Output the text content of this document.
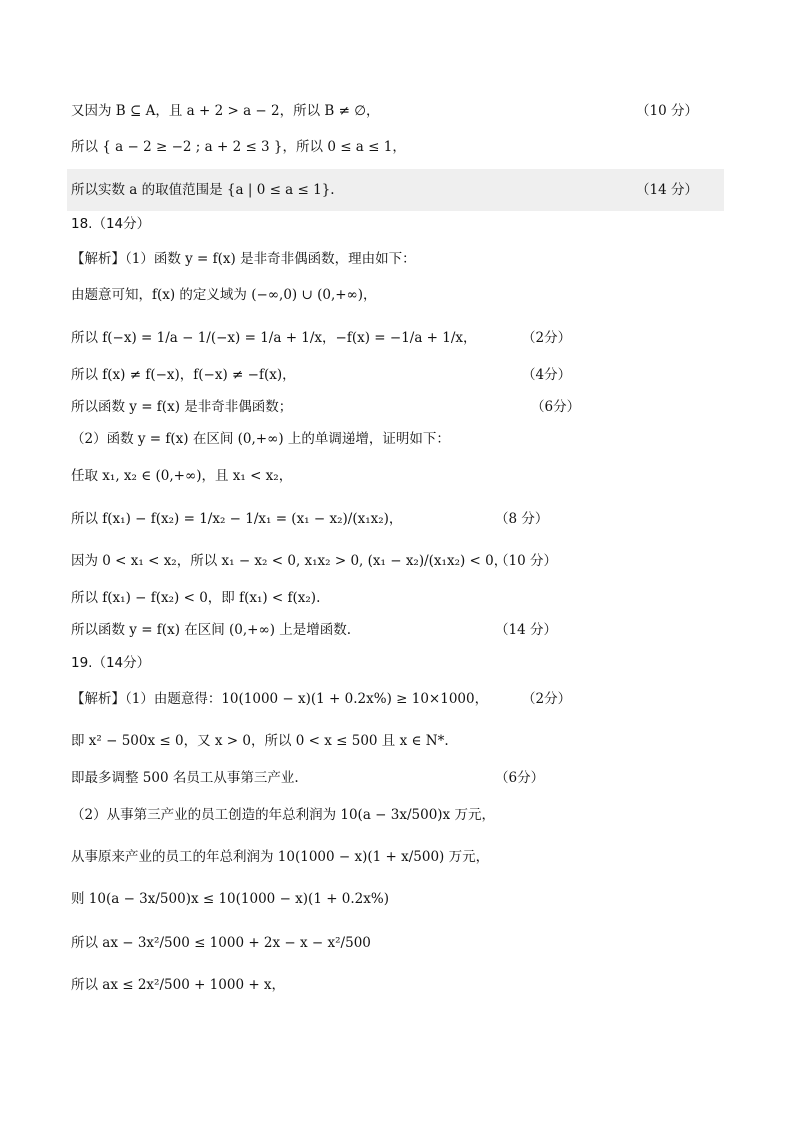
又因为 B ⊆ A，且 a + 2 > a − 2，所以 B ≠ ∅，	（10 分）
所以 { a − 2 ≥ −2 ; a + 2 ≤ 3 }，所以 0 ≤ a ≤ 1，
所以实数 a 的取值范围是 {a | 0 ≤ a ≤ 1}.	（14 分）
18.（14分）
【解析】（1）函数 y = f(x) 是非奇非偶函数，理由如下：
由题意可知，f(x) 的定义域为 (−∞,0) ∪ (0,+∞)，
所以 f(−x) = 1/a − 1/(−x) = 1/a + 1/x，−f(x) = −1/a + 1/x，	（2分）
所以 f(x) ≠ f(−x)，f(−x) ≠ −f(x)，	（4分）
所以函数 y = f(x) 是非奇非偶函数；	（6分）
（2）函数 y = f(x) 在区间 (0,+∞) 上的单调递增，证明如下：
任取 x₁, x₂ ∈ (0,+∞)，且 x₁ < x₂，
所以 f(x₁) − f(x₂) = 1/x₂ − 1/x₁ = (x₁ − x₂)/(x₁x₂)，	（8 分）
因为 0 < x₁ < x₂，所以 x₁ − x₂ < 0, x₁x₂ > 0, (x₁ − x₂)/(x₁x₂) < 0，
（10 分）
所以 f(x₁) − f(x₂) < 0，即 f(x₁) < f(x₂).
所以函数 y = f(x) 在区间 (0,+∞) 上是增函数.	（14 分）
19.（14分）
【解析】（1）由题意得：10(1000 − x)(1 + 0.2x%) ≥ 10×1000，	（2分）
即 x² − 500x ≤ 0，又 x > 0，所以 0 < x ≤ 500 且 x ∈ N*.
即最多调整 500 名员工从事第三产业.	（6分）
（2）从事第三产业的员工创造的年总利润为 10(a − 3x/500)x 万元，
从事原来产业的员工的年总利润为 10(1000 − x)(1 + x/500) 万元，
则 10(a − 3x/500)x ≤ 10(1000 − x)(1 + 0.2x%)
所以 ax − 3x²/500 ≤ 1000 + 2x − x − x²/500
所以 ax ≤ 2x²/500 + 1000 + x，
